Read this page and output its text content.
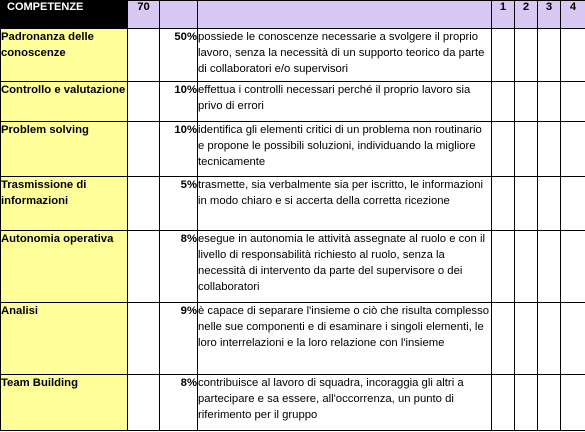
COMPETENZE	70			1	2	3	4
Padronanza delle conoscenze		50%	possiede le conoscenze necessarie a svolgere il proprio lavoro, senza la necessità di un supporto teorico da parte di collaboratori e/o supervisori				
Controllo e valutazione		10%	effettua i controlli necessari perché il proprio lavoro sia privo di errori				
Problem solving		10%	identifica gli elementi critici di un problema non routinario e propone le possibili soluzioni, individuando la migliore tecnicamente				
Trasmissione di informazioni		5%	trasmette, sia verbalmente sia per iscritto, le informazioni in modo chiaro e si accerta della corretta ricezione				
Autonomia operativa		8%	esegue in autonomia le attività assegnate al ruolo e con il livello di responsabilità richiesto al ruolo, senza la necessità di intervento da parte del supervisore o dei collaboratori				
Analisi		9%	è capace di separare l'insieme o ciò che risulta complesso nelle sue componenti e di esaminare i singoli elementi, le loro interrelazioni e la loro relazione con l'insieme				
Team Building		8%	contribuisce al lavoro di squadra, incoraggia gli altri a partecipare e sa essere, all'occorrenza, un punto di riferimento per il gruppo				
